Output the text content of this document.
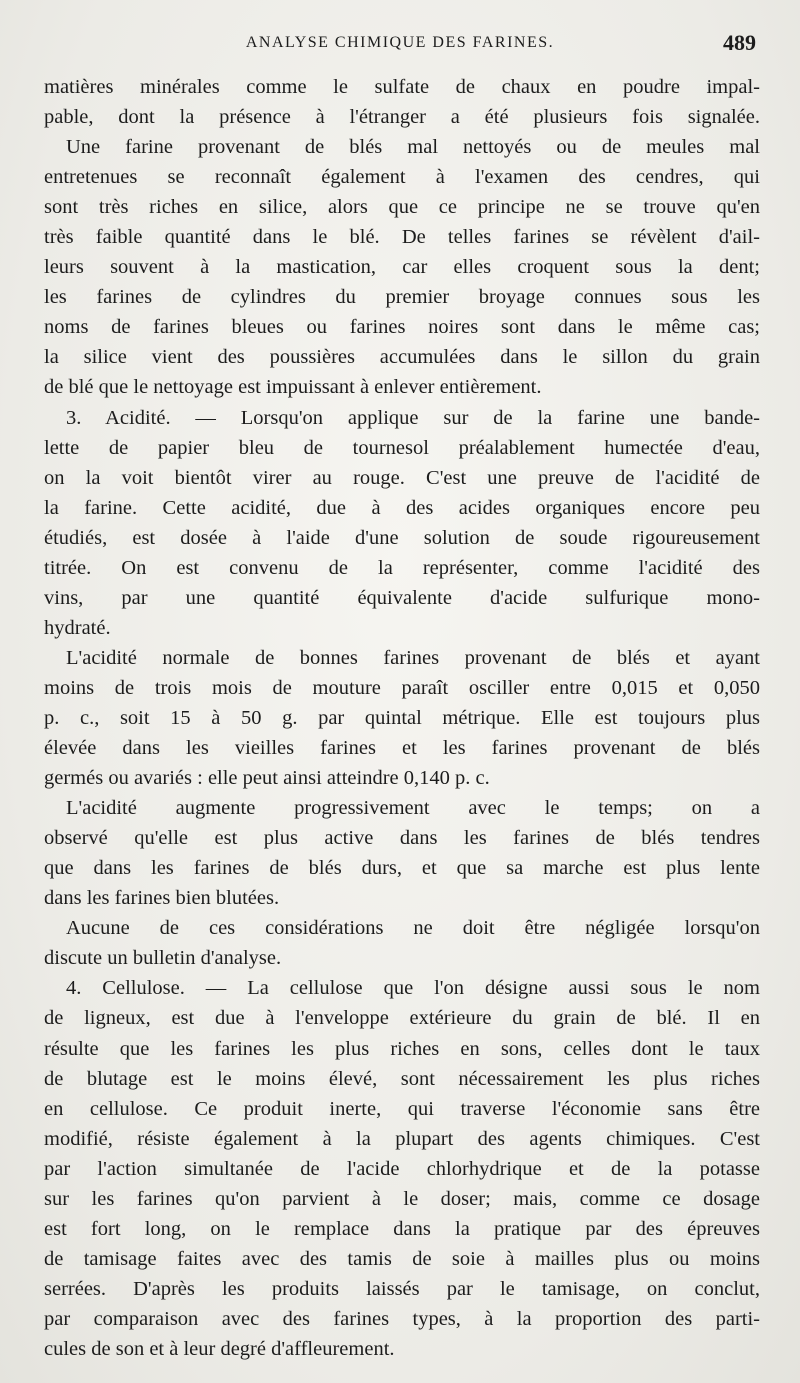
ANALYSE CHIMIQUE DES FARINES.	489
matières minérales comme le sulfate de chaux en poudre impal-
pable, dont la présence à l'étranger a été plusieurs fois signalée.
Une farine provenant de blés mal nettoyés ou de meules mal
entretenues se reconnaît également à l'examen des cendres, qui
sont très riches en silice, alors que ce principe ne se trouve qu'en
très faible quantité dans le blé. De telles farines se révèlent d'ail-
leurs souvent à la mastication, car elles croquent sous la dent;
les farines de cylindres du premier broyage connues sous les
noms de farines bleues ou farines noires sont dans le même cas;
la silice vient des poussières accumulées dans le sillon du grain
de blé que le nettoyage est impuissant à enlever entièrement.
3. Acidité. — Lorsqu'on applique sur de la farine une bande-
lette de papier bleu de tournesol préalablement humectée d'eau,
on la voit bientôt virer au rouge. C'est une preuve de l'acidité de
la farine. Cette acidité, due à des acides organiques encore peu
étudiés, est dosée à l'aide d'une solution de soude rigoureusement
titrée. On est convenu de la représenter, comme l'acidité des
vins, par une quantité équivalente d'acide sulfurique mono-
hydraté.
L'acidité normale de bonnes farines provenant de blés et ayant
moins de trois mois de mouture paraît osciller entre 0,015 et 0,050
p. c., soit 15 à 50 g. par quintal métrique. Elle est toujours plus
élevée dans les vieilles farines et les farines provenant de blés
germés ou avariés : elle peut ainsi atteindre 0,140 p. c.
L'acidité augmente progressivement avec le temps; on a
observé qu'elle est plus active dans les farines de blés tendres
que dans les farines de blés durs, et que sa marche est plus lente
dans les farines bien blutées.
Aucune de ces considérations ne doit être négligée lorsqu'on
discute un bulletin d'analyse.
4. Cellulose. — La cellulose que l'on désigne aussi sous le nom
de ligneux, est due à l'enveloppe extérieure du grain de blé. Il en
résulte que les farines les plus riches en sons, celles dont le taux
de blutage est le moins élevé, sont nécessairement les plus riches
en cellulose. Ce produit inerte, qui traverse l'économie sans être
modifié, résiste également à la plupart des agents chimiques. C'est
par l'action simultanée de l'acide chlorhydrique et de la potasse
sur les farines qu'on parvient à le doser; mais, comme ce dosage
est fort long, on le remplace dans la pratique par des épreuves
de tamisage faites avec des tamis de soie à mailles plus ou moins
serrées. D'après les produits laissés par le tamisage, on conclut,
par comparaison avec des farines types, à la proportion des parti-
cules de son et à leur degré d'affleurement.
